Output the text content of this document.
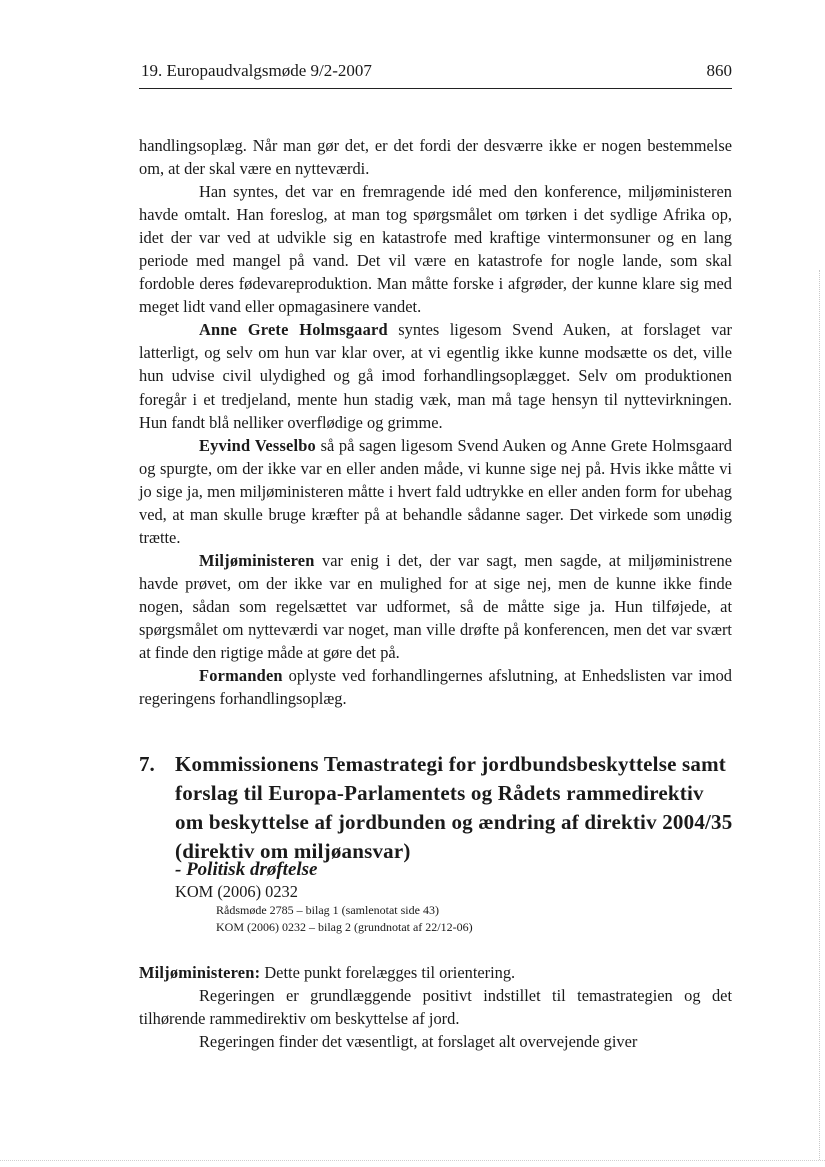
19. Europaudvalgsmøde 9/2-2007	860

handlingsoplæg. Når man gør det, er det fordi der desværre ikke er nogen bestemmelse om, at der skal være en nytteværdi.

Han syntes, det var en fremragende idé med den konference, miljøministeren havde omtalt. Han foreslog, at man tog spørgsmålet om tørken i det sydlige Afrika op, idet der var ved at udvikle sig en katastrofe med kraftige vintermonsuner og en lang periode med mangel på vand. Det vil være en katastrofe for nogle lande, som skal fordoble deres fødevareproduktion. Man måtte forske i afgrøder, der kunne klare sig med meget lidt vand eller opmagasinere vandet.

Anne Grete Holmsgaard syntes ligesom Svend Auken, at forslaget var latterligt, og selv om hun var klar over, at vi egentlig ikke kunne modsætte os det, ville hun udvise civil ulydighed og gå imod forhandlingsoplægget. Selv om produktionen foregår i et tredjeland, mente hun stadig væk, man må tage hensyn til nyttevirkningen. Hun fandt blå nelliker overflødige og grimme.

Eyvind Vesselbo så på sagen ligesom Svend Auken og Anne Grete Holmsgaard og spurgte, om der ikke var en eller anden måde, vi kunne sige nej på. Hvis ikke måtte vi jo sige ja, men miljøministeren måtte i hvert fald udtrykke en eller anden form for ubehag ved, at man skulle bruge kræfter på at behandle sådanne sager. Det virkede som unødig trætte.

Miljøministeren var enig i det, der var sagt, men sagde, at miljøministrene havde prøvet, om der ikke var en mulighed for at sige nej, men de kunne ikke finde nogen, sådan som regelsættet var udformet, så de måtte sige ja. Hun tilføjede, at spørgsmålet om nytteværdi var noget, man ville drøfte på konferencen, men det var svært at finde den rigtige måde at gøre det på.

Formanden oplyste ved forhandlingernes afslutning, at Enhedslisten var imod regeringens forhandlingsoplæg.

7. Kommissionens Temastrategi for jordbundsbeskyttelse samt
forslag til Europa-Parlamentets og Rådets rammedirektiv
om beskyttelse af jordbunden og ændring af direktiv 2004/35
(direktiv om miljøansvar)
- Politisk drøftelse
KOM (2006) 0232
Rådsmøde 2785 – bilag 1 (samlenotat side 43)
KOM (2006) 0232 – bilag 2 (grundnotat af 22/12-06)

Miljøministeren: Dette punkt forelægges til orientering.

Regeringen er grundlæggende positivt indstillet til temastrategien og det tilhørende rammedirektiv om beskyttelse af jord.

Regeringen finder det væsentligt, at forslaget alt overvejende giver
